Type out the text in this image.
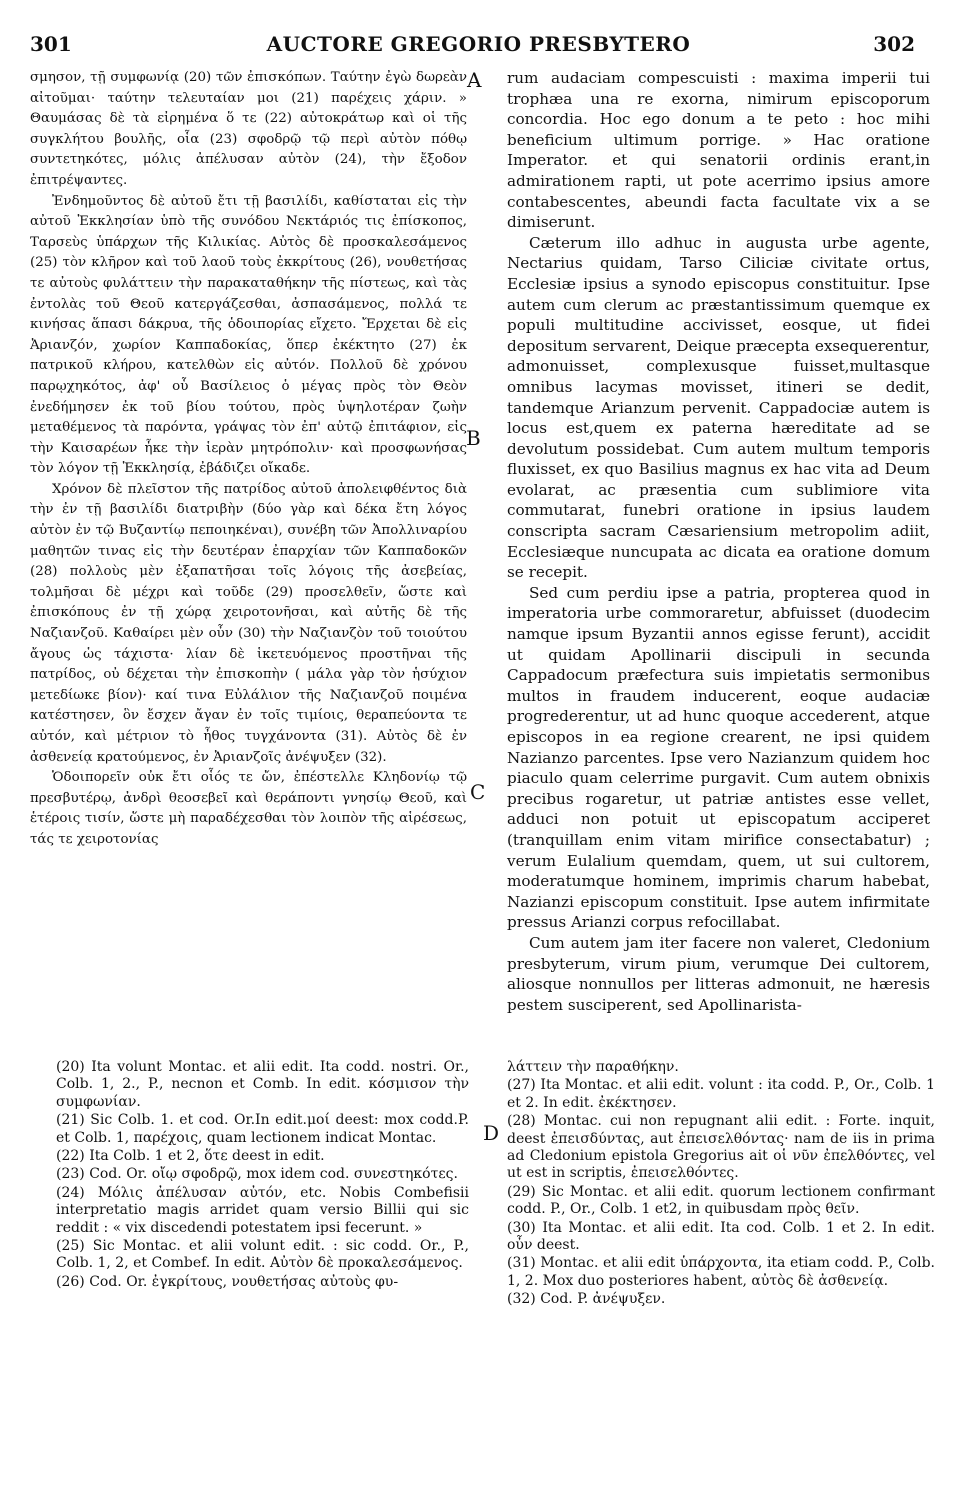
AUCTORE GREGORIO PRESBYTERO
301	302

σμησον, τῇ συμφωνίᾳ (20) τῶν ἐπισκόπων. Ταύτην ἐγὼ δωρεὰν αἰτοῦμαι· ταύτην τελευταίαν μοι (21) παρέχεις χάριν. » Θαυμάσας δὲ τὰ εἰρημένα ὅ τε (22) αὐτοκράτωρ καὶ οἱ τῆς συγκλήτου βουλῆς, οἷα (23) σφοδρῷ τῷ περὶ αὐτὸν πόθῳ συντετηκότες, μόλις ἀπέλυσαν αὐτὸν (24), τὴν ἔξοδον ἐπιτρέψαντες.

Ἐνδημοῦντος δὲ αὐτοῦ ἔτι τῇ βασιλίδι, καθίσταται εἰς τὴν αὐτοῦ Ἐκκλησίαν ὑπὸ τῆς συνόδου Νεκτάριός τις ἐπίσκοπος, Ταρσεὺς ὑπάρχων τῆς Κιλικίας. Αὐτὸς δὲ προσκαλεσάμενος (25) τὸν κλῆρον καὶ τοῦ λαοῦ τοὺς ἐκκρίτους (26), νουθετήσας τε αὐτοὺς φυλάττειν τὴν παρακαταθήκην τῆς πίστεως, καὶ τὰς ἐντολὰς τοῦ Θεοῦ κατεργάζεσθαι, ἀσπασάμενος, πολλά τε κινήσας ἅπασι δάκρυα, τῆς ὁδοιπορίας εἴχετο. Ἔρχεται δὲ εἰς Ἀριανζόν, χωρίον Καππαδοκίας, ὅπερ ἐκέκτητο (27) ἐκ πατρικοῦ κλήρου, κατελθὼν εἰς αὐτόν. Πολλοῦ δὲ χρόνου παρῳχηκότος, ἀφ' οὗ Βασίλειος ὁ μέγας πρὸς τὸν Θεὸν ἐνεδήμησεν ἐκ τοῦ βίου τούτου, πρὸς ὑψηλοτέραν ζωὴν μεταθέμενος τὰ παρόντα, γράψας τὸν ἐπ' αὐτῷ ἐπιτάφιον, εἰς τὴν Καισαρέων ἧκε τὴν ἱερὰν μητρόπολιν· καὶ προσφωνήσας τὸν λόγον τῇ Ἐκκλησίᾳ, ἐβάδιζει οἴκαδε.

Χρόνον δὲ πλεῖστον τῆς πατρίδος αὐτοῦ ἀπολειφθέντος διὰ τὴν ἐν τῇ βασιλίδι διατριβὴν (δύο γὰρ καὶ δέκα ἔτη λόγος αὐτὸν ἐν τῷ Βυζαντίῳ πεποιηκέναι), συνέβη τῶν Ἀπολλιναρίου μαθητῶν τινας εἰς τὴν δευτέραν ἐπαρχίαν τῶν Καππαδοκῶν (28) πολλοὺς μὲν ἐξαπατῆσαι τοῖς λόγοις τῆς ἀσεβείας, τολμῆσαι δὲ μέχρι καὶ τοῦδε (29) προσελθεῖν, ὥστε καὶ ἐπισκόπους ἐν τῇ χώρᾳ χειροτονῆσαι, καὶ αὐτῆς δὲ τῆς Ναζιανζοῦ. Καθαίρει μὲν οὖν (30) τὴν Ναζιανζὸν τοῦ τοιούτου ἄγους ὡς τάχιστα· λίαν δὲ ἱκετευόμενος προστῆναι τῆς πατρίδος, οὐ δέχεται τὴν ἐπισκοπὴν ( μάλα γὰρ τὸν ἡσύχιον μετεδίωκε βίον)· καί τινα Εὐλάλιον τῆς Ναζιανζοῦ ποιμένα κατέστησεν, ὃν ἔσχεν ἄγαν ἐν τοῖς τιμίοις, θεραπεύοντα τε αὐτόν, καὶ μέτριον τὸ ἦθος τυγχάνοντα (31). Αὐτὸς δὲ ἐν ἀσθενείᾳ κρατούμενος, ἐν Ἀριανζοῖς ἀνέψυξεν (32).

Ὁδοιπορεῖν οὐκ ἔτι οἷός τε ὤν, ἐπέστελλε Κληδονίῳ τῷ πρεσβυτέρῳ, ἀνδρὶ θεοσεβεῖ καὶ θεράποντι γνησίῳ Θεοῦ, καὶ ἑτέροις τισίν, ὥστε μὴ παραδέχεσθαι τὸν λοιπὸν τῆς αἱρέσεως, τάς τε χειροτονίας

rum audaciam compescuisti : maxima imperii tui trophæa una re exorna, nimirum episcoporum concordia. Hoc ego donum a te peto : hoc mihi beneficium ultimum porrige. » Hac oratione Imperator. et qui senatorii ordinis erant,in admirationem rapti, ut pote acerrimo ipsius amore contabescentes, abeundi facta facultate vix a se dimiserunt.

Cæterum illo adhuc in augusta urbe agente, Nectarius quidam, Tarso Ciliciæ civitate ortus, Ecclesiæ ipsius a synodo episcopus constituitur. Ipse autem cum clerum ac præstantissimum quemque ex populi multitudine accivisset, eosque, ut fidei depositum servarent, Deique præcepta exsequerentur, admonuisset, complexusque fuisset,multasque omnibus lacymas movisset, itineri se dedit, tandemque Arianzum pervenit. Cappadociæ autem is locus est,quem ex paterna hæreditate ad se devolutum possidebat. Cum autem multum temporis fluxisset, ex quo Basilius magnus ex hac vita ad Deum evolarat, ac præsentia cum sublimiore vita commutarat, funebri oratione in ipsius laudem conscripta sacram Cæsariensium metropolim adiit, Ecclesiæque nuncupata ac dicata ea oratione domum se recepit.

Sed cum perdiu ipse a patria, propterea quod in imperatoria urbe commoraretur, abfuisset (duodecim namque ipsum Byzantii annos egisse ferunt), accidit ut quidam Apollinarii discipuli in secunda Cappadocum præfectura suis impietatis sermonibus multos in fraudem inducerent, eoque audaciæ progrederentur, ut ad hunc quoque accederent, atque episcopos in ea regione crearent, ne ipsi quidem Nazianzo parcentes. Ipse vero Nazianzum quidem hoc piaculo quam celerrime purgavit. Cum autem obnixis precibus rogaretur, ut patriæ antistes esse vellet, adduci non potuit ut episcopatum acciperet (tranquillam enim vitam mirifice consectabatur) ; verum Eulalium quemdam, quem, ut sui cultorem, moderatumque hominem, imprimis charum habebat, Nazianzi episcopum constituit. Ipse autem infirmitate pressus Arianzi corpus refocillabat.

Cum autem jam iter facere non valeret, Cledonium presbyterum, virum pium, verumque Dei cultorem, aliosque nonnullos per litteras admonuit, ne hæresis pestem susciperent, sed Apollinarista-

A
B
C
D

(20) Ita volunt Montac. et alii edit. Ita codd. nostri. Or., Colb. 1, 2., P., necnon et Comb. In edit. κόσμισον τὴν συμφωνίαν.

(21) Sic Colb. 1. et cod. Or.In edit.μοί deest: mox codd.P. et Colb. 1, παρέχοις, quam lectionem indicat Montac.

(22) Ita Colb. 1 et 2, ὅτε deest in edit.

(23) Cod. Or. οἴῳ σφοδρῷ, mox idem cod. συνεστηκότες.

(24) Μόλις ἀπέλυσαν αὐτόν, etc. Nobis Combefisii interpretatio magis arridet quam versio Billii qui sic reddit : « vix discedendi potestatem ipsi fecerunt. »

(25) Sic Montac. et alii volunt edit. : sic codd. Or., P., Colb. 1, 2, et Combef. In edit. Αὐτὸν δὲ προκαλεσάμενος.

(26) Cod. Or. ἐγκρίτους, νουθετήσας αὐτοὺς φυ-

λάττειν τὴν παραθήκην.

(27) Ita Montac. et alii edit. volunt : ita codd. P., Or., Colb. 1 et 2. In edit. ἐκέκτησεν.

(28) Montac. cui non repugnant alii edit. : Forte. inquit, deest ἐπεισδύντας, aut ἐπεισελθόντας· nam de iis in prima ad Cledonium epistola Gregorius ait οἱ νῦν ἐπελθόντες, vel ut est in scriptis, ἐπεισελθόντες.

(29) Sic Montac. et alii edit. quorum lectionem confirmant codd. P., Or., Colb. 1 et2, in quibusdam πρὸς θεῖν.

(30) Ita Montac. et alii edit. Ita cod. Colb. 1 et 2. In edit. οὖν deest.

(31) Montac. et alii edit ὑπάρχοντα, ita etiam codd. P., Colb. 1, 2. Mox duo posteriores habent, αὐτὸς δὲ ἀσθενείᾳ.

(32) Cod. P. ἀνέψυξεν.
